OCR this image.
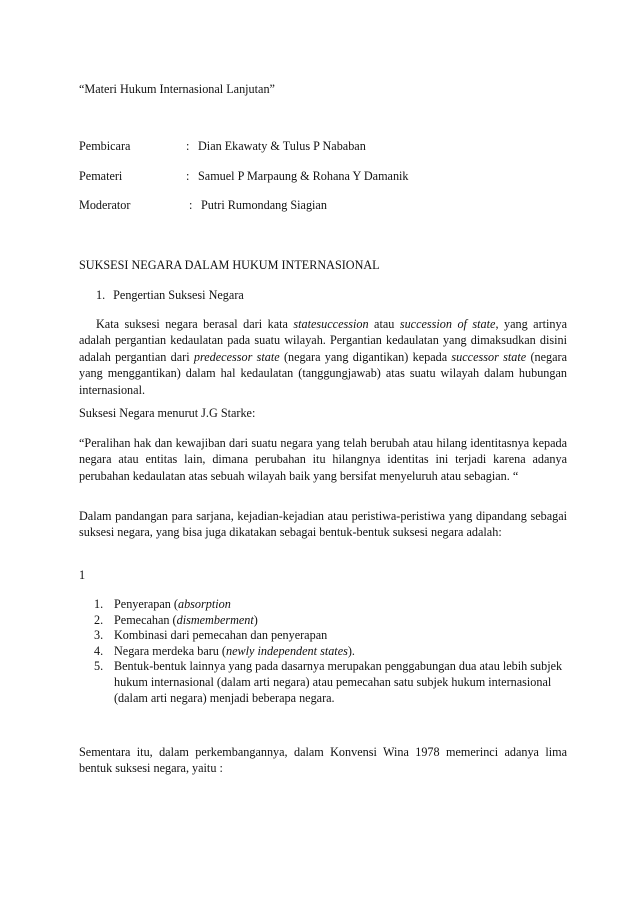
“Materi Hukum Internasional Lanjutan”
Pembicara	: Dian Ekawaty & Tulus P Nababan
Pemateri	: Samuel P Marpaung & Rohana Y Damanik
Moderator	: Putri Rumondang Siagian
SUKSESI NEGARA DALAM HUKUM INTERNASIONAL
1. Pengertian Suksesi Negara
Kata suksesi negara berasal dari kata statesuccession atau succession of state, yang artinya adalah pergantian kedaulatan pada suatu wilayah. Pergantian kedaulatan yang dimaksudkan disini adalah pergantian dari predecessor state (negara yang digantikan) kepada successor state (negara yang menggantikan) dalam hal kedaulatan (tanggungjawab) atas suatu wilayah dalam hubungan internasional.
Suksesi Negara menurut J.G Starke:
“Peralihan hak dan kewajiban dari suatu negara yang telah berubah atau hilang identitasnya kepada negara atau entitas lain, dimana perubahan itu hilangnya identitas ini terjadi karena adanya perubahan kedaulatan atas sebuah wilayah baik yang bersifat menyeluruh atau sebagian. “
Dalam pandangan para sarjana, kejadian-kejadian atau peristiwa-peristiwa yang dipandang sebagai suksesi negara, yang bisa juga dikatakan sebagai bentuk-bentuk suksesi negara adalah:
1
1. Penyerapan (absorption
2. Pemecahan (dismemberment)
3. Kombinasi dari pemecahan dan penyerapan
4. Negara merdeka baru (newly independent states).
5. Bentuk-bentuk lainnya yang pada dasarnya merupakan penggabungan dua atau lebih subjek hukum internasional (dalam arti negara) atau pemecahan satu subjek hukum internasional (dalam arti negara) menjadi beberapa negara.
Sementara itu, dalam perkembangannya, dalam Konvensi Wina 1978 memerinci adanya lima bentuk suksesi negara, yaitu :
